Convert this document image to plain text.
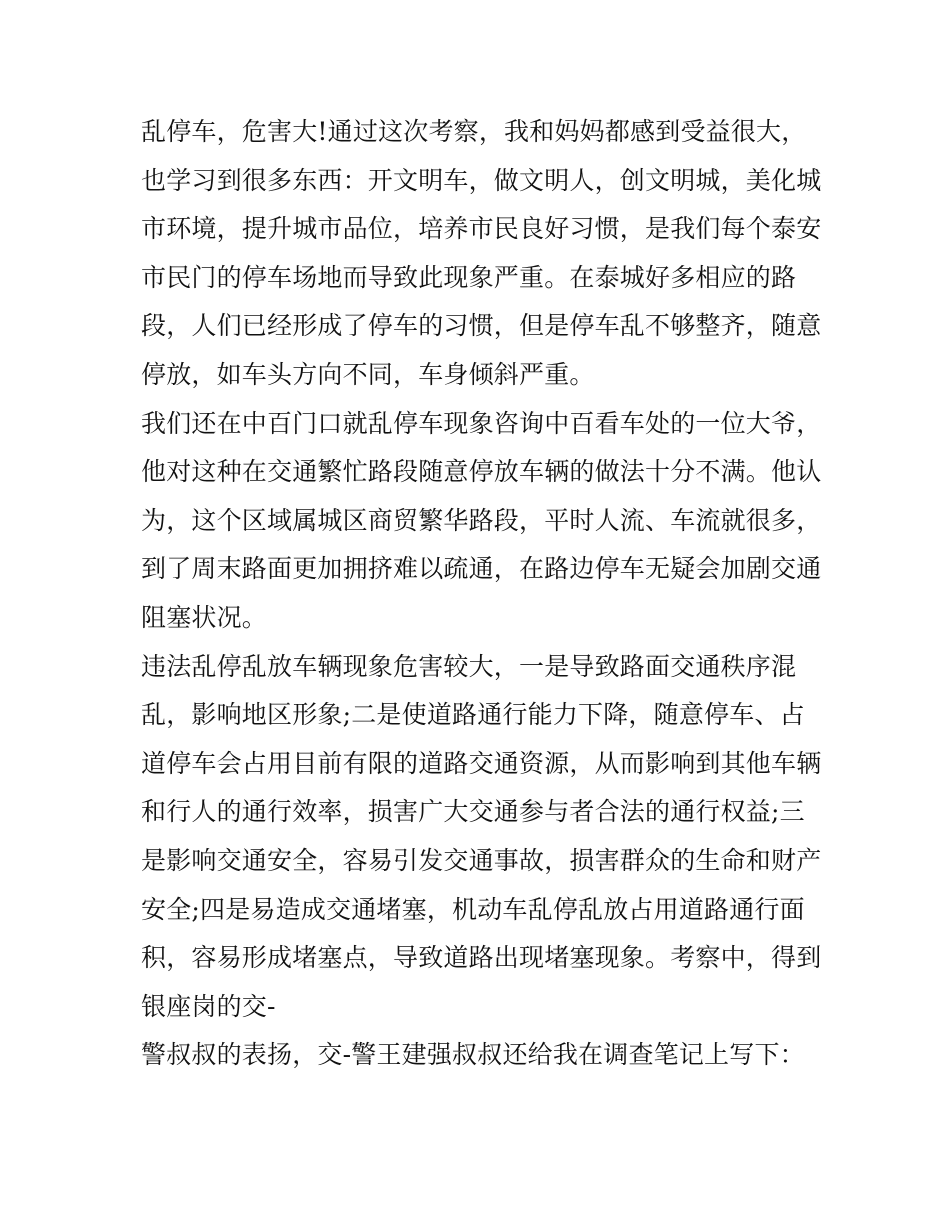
乱停车，危害大!通过这次考察，我和妈妈都感到受益很大，
也学习到很多东西：开文明车，做文明人，创文明城，美化城
市环境，提升城市品位，培养市民良好习惯，是我们每个泰安
市民门的停车场地而导致此现象严重。在泰城好多相应的路
段，人们已经形成了停车的习惯，但是停车乱不够整齐，随意
停放，如车头方向不同，车身倾斜严重。
我们还在中百门口就乱停车现象咨询中百看车处的一位大爷，
他对这种在交通繁忙路段随意停放车辆的做法十分不满。他认
为，这个区域属城区商贸繁华路段，平时人流、车流就很多，
到了周末路面更加拥挤难以疏通，在路边停车无疑会加剧交通
阻塞状况。
违法乱停乱放车辆现象危害较大，一是导致路面交通秩序混
乱，影响地区形象;二是使道路通行能力下降，随意停车、占
道停车会占用目前有限的道路交通资源，从而影响到其他车辆
和行人的通行效率，损害广大交通参与者合法的通行权益;三
是影响交通安全，容易引发交通事故，损害群众的生命和财产
安全;四是易造成交通堵塞，机动车乱停乱放占用道路通行面
积，容易形成堵塞点，导致道路出现堵塞现象。考察中，得到
银座岗的交-
警叔叔的表扬，交-警王建强叔叔还给我在调查笔记上写下：
